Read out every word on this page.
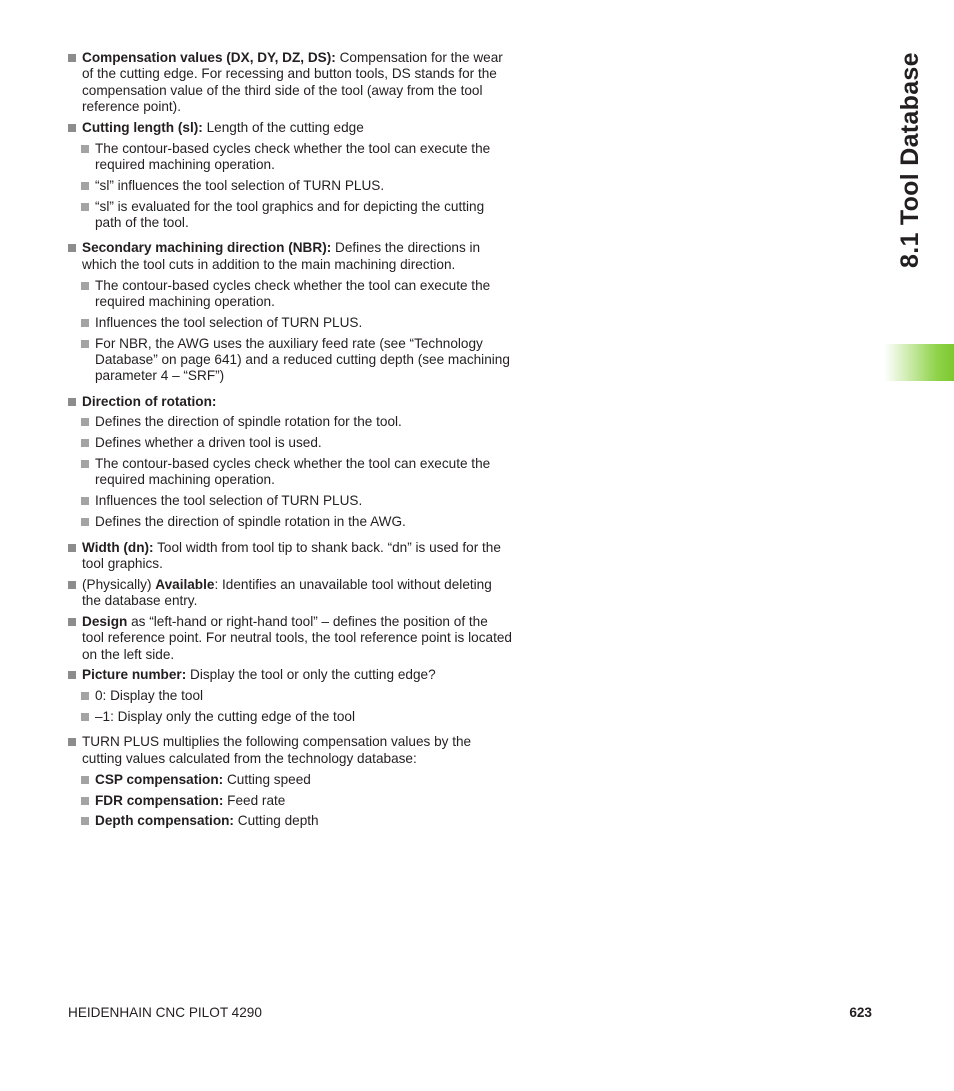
Compensation values (DX, DY, DZ, DS): Compensation for the wear of the cutting edge. For recessing and button tools, DS stands for the compensation value of the third side of the tool (away from the tool reference point).
Cutting length (sl): Length of the cutting edge
The contour-based cycles check whether the tool can execute the required machining operation.
“sl” influences the tool selection of TURN PLUS.
“sl” is evaluated for the tool graphics and for depicting the cutting path of the tool.
Secondary machining direction (NBR): Defines the directions in which the tool cuts in addition to the main machining direction.
The contour-based cycles check whether the tool can execute the required machining operation.
Influences the tool selection of TURN PLUS.
For NBR, the AWG uses the auxiliary feed rate (see “Technology Database” on page 641) and a reduced cutting depth (see machining parameter 4 – “SRF”)
Direction of rotation:
Defines the direction of spindle rotation for the tool.
Defines whether a driven tool is used.
The contour-based cycles check whether the tool can execute the required machining operation.
Influences the tool selection of TURN PLUS.
Defines the direction of spindle rotation in the AWG.
Width (dn): Tool width from tool tip to shank back. “dn” is used for the tool graphics.
(Physically) Available: Identifies an unavailable tool without deleting the database entry.
Design as “left-hand or right-hand tool” – defines the position of the tool reference point. For neutral tools, the tool reference point is located on the left side.
Picture number: Display the tool or only the cutting edge?
0: Display the tool
–1: Display only the cutting edge of the tool
TURN PLUS multiplies the following compensation values by the cutting values calculated from the technology database:
CSP compensation: Cutting speed
FDR compensation: Feed rate
Depth compensation: Cutting depth
8.1 Tool Database
HEIDENHAIN CNC PILOT 4290	623
